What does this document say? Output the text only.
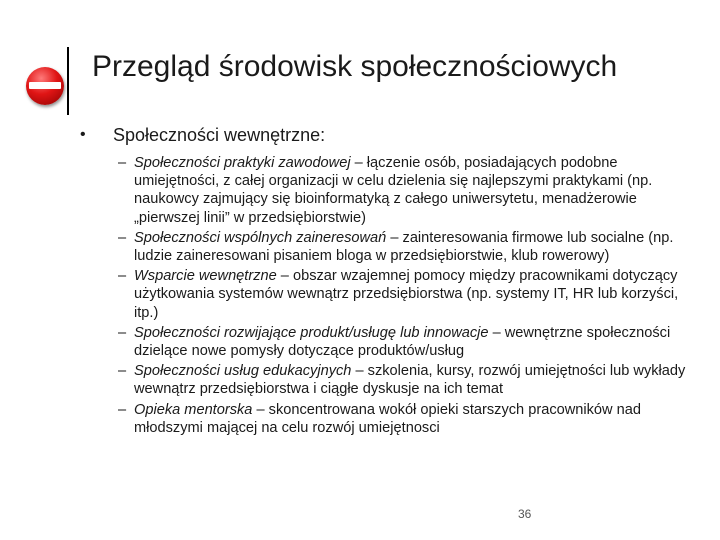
Przegląd środowisk społecznościowych
•	Społeczności wewnętrzne:
– Społeczności praktyki zawodowej – łączenie osób, posiadających podobne umiejętności, z całej organizacji w celu dzielenia się najlepszymi praktykami (np. naukowcy zajmujący się bioinformatyką z całego uniwersytetu, menadżerowie „pierwszej linii” w przedsiębiorstwie)
– Społeczności wspólnych zaineresowań – zainteresowania firmowe lub socialne (np. ludzie zaineresowani pisaniem bloga w przedsiębiorstwie, klub rowerowy)
– Wsparcie wewnętrzne – obszar wzajemnej pomocy między pracownikami dotyczący użytkowania systemów wewnątrz przedsiębiorstwa (np. systemy IT, HR lub korzyści, itp.)
– Społeczności rozwijające produkt/usługę lub innowacje – wewnętrzne społeczności dzielące nowe pomysły dotyczące produktów/usług
– Społeczności usług edukacyjnych – szkolenia, kursy, rozwój umiejętności lub wykłady wewnątrz przedsiębiorstwa i ciągłe dyskusje na ich temat
– Opieka mentorska – skoncentrowana wokół opieki starszych pracowników nad młodszymi mającej na celu rozwój umiejętnosci
36
